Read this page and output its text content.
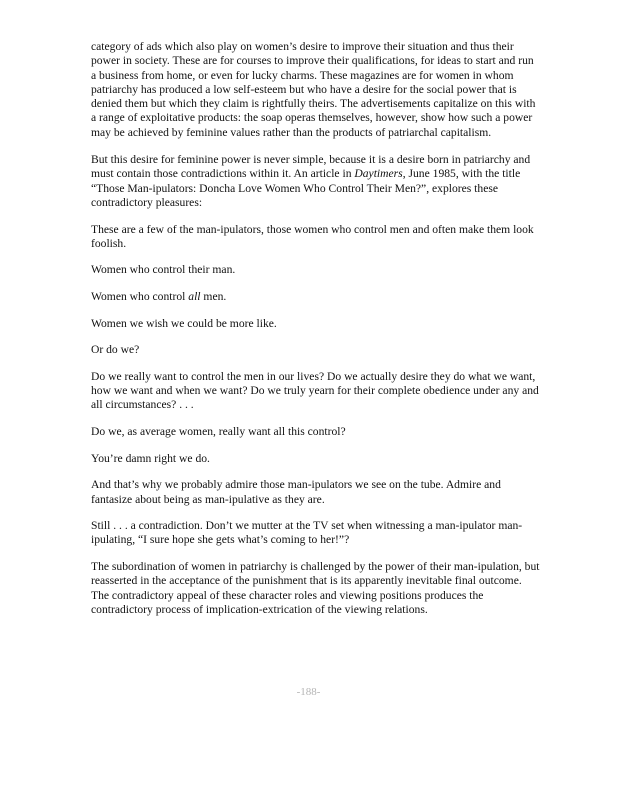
category of ads which also play on women’s desire to improve their situation and thus their power in society. These are for courses to improve their qualifications, for ideas to start and run a business from home, or even for lucky charms. These magazines are for women in whom patriarchy has produced a low self-esteem but who have a desire for the social power that is denied them but which they claim is rightfully theirs. The advertisements capitalize on this with a range of exploitative products: the soap operas themselves, however, show how such a power may be achieved by feminine values rather than the products of patriarchal capitalism.

But this desire for feminine power is never simple, because it is a desire born in patriarchy and must contain those contradictions within it. An article in Daytimers, June 1985, with the title “Those Man-ipulators: Doncha Love Women Who Control Their Men?”, explores these contradictory pleasures:

These are a few of the man-ipulators, those women who control men and often make them look foolish.

Women who control their man.

Women who control all men.

Women we wish we could be more like.

Or do we?

Do we really want to control the men in our lives? Do we actually desire they do what we want, how we want and when we want? Do we truly yearn for their complete obedience under any and all circumstances? . . .

Do we, as average women, really want all this control?

You’re damn right we do.

And that’s why we probably admire those man-ipulators we see on the tube. Admire and fantasize about being as man-ipulative as they are.

Still . . . a contradiction. Don’t we mutter at the TV set when witnessing a man-ipulator man-ipulating, “I sure hope she gets what’s coming to her!”?

The subordination of women in patriarchy is challenged by the power of their man-ipulation, but reasserted in the acceptance of the punishment that is its apparently inevitable final outcome. The contradictory appeal of these character roles and viewing positions produces the contradictory process of implication-extrication of the viewing relations.

-188-
